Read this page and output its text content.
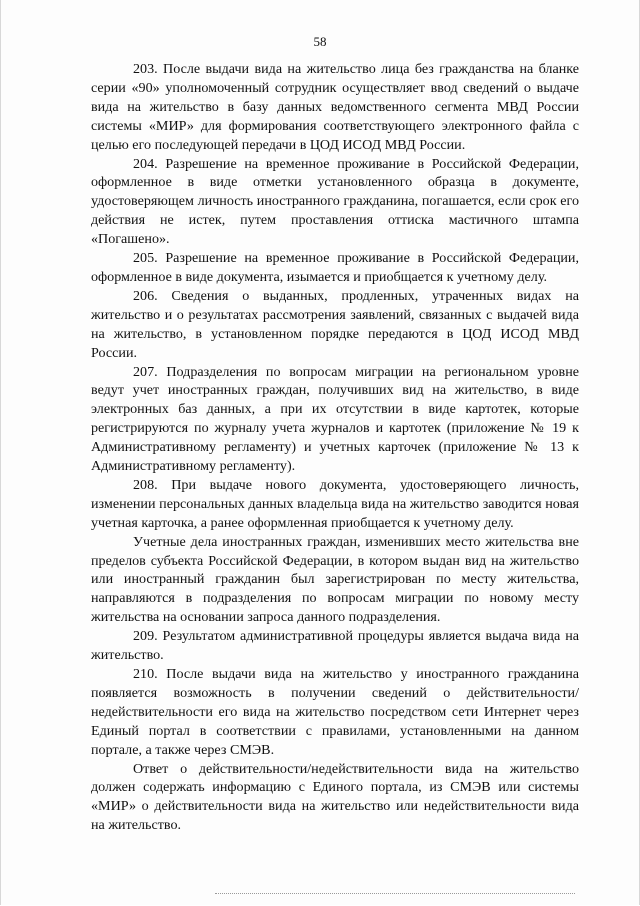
58

203. После выдачи вида на жительство лица без гражданства на бланке серии «90» уполномоченный сотрудник осуществляет ввод сведений о выдаче вида на жительство в базу данных ведомственного сегмента МВД России системы «МИР» для формирования соответствующего электронного файла с целью его последующей передачи в ЦОД ИСОД МВД России.

204. Разрешение на временное проживание в Российской Федерации, оформленное в виде отметки установленного образца в документе, удостоверяющем личность иностранного гражданина, погашается, если срок его действия не истек, путем проставления оттиска мастичного штампа «Погашено».

205. Разрешение на временное проживание в Российской Федерации, оформленное в виде документа, изымается и приобщается к учетному делу.

206. Сведения о выданных, продленных, утраченных видах на жительство и о результатах рассмотрения заявлений, связанных с выдачей вида на жительство, в установленном порядке передаются в ЦОД ИСОД МВД России.

207. Подразделения по вопросам миграции на региональном уровне ведут учет иностранных граждан, получивших вид на жительство, в виде электронных баз данных, а при их отсутствии в виде картотек, которые регистрируются по журналу учета журналов и картотек (приложение № 19 к Административному регламенту) и учетных карточек (приложение № 13 к Административному регламенту).

208. При выдаче нового документа, удостоверяющего личность, изменении персональных данных владельца вида на жительство заводится новая учетная карточка, а ранее оформленная приобщается к учетному делу.

Учетные дела иностранных граждан, изменивших место жительства вне пределов субъекта Российской Федерации, в котором выдан вид на жительство или иностранный гражданин был зарегистрирован по месту жительства, направляются в подразделения по вопросам миграции по новому месту жительства на основании запроса данного подразделения.

209. Результатом административной процедуры является выдача вида на жительство.

210. После выдачи вида на жительство у иностранного гражданина появляется возможность в получении сведений о действительности/недействительности его вида на жительство посредством сети Интернет через Единый портал в соответствии с правилами, установленными на данном портале, а также через СМЭВ.

Ответ о действительности/недействительности вида на жительство должен содержать информацию с Единого портала, из СМЭВ или системы «МИР» о действительности вида на жительство или недействительности вида на жительство.
